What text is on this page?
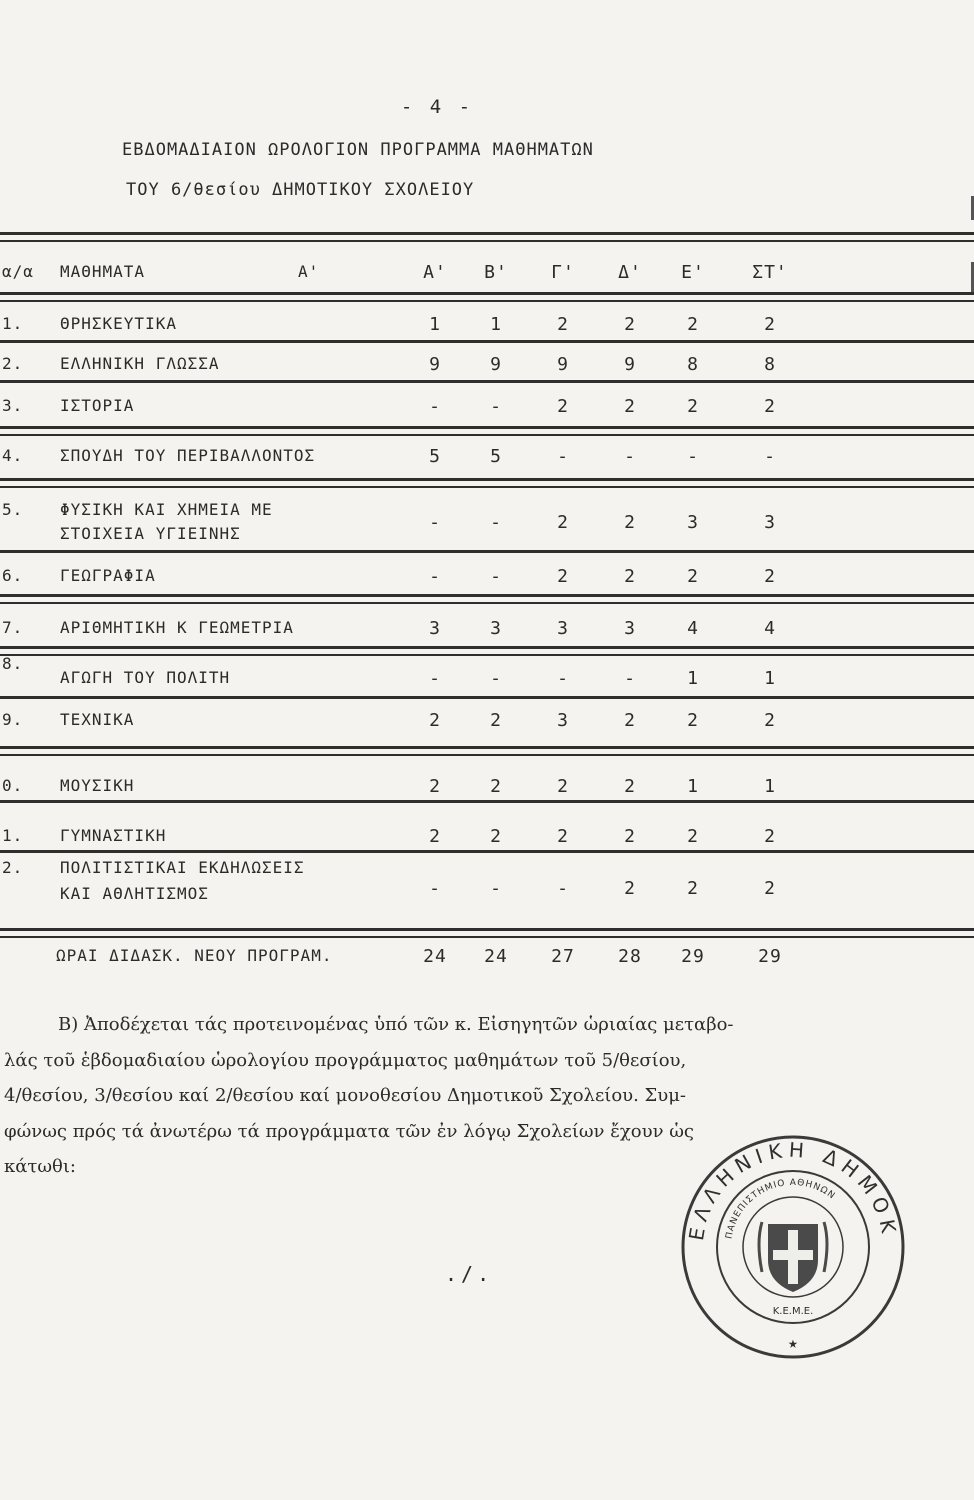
- 4 -
ΕΒΔΟΜΑΔΙΑΙΟΝ ΩΡΟΛΟΓΙΟΝ ΠΡΟΓΡΑΜΜΑ ΜΑΘΗΜΑΤΩΝ
ΤΟΥ 6/θεσίου ΔΗΜΟΤΙΚΟΥ ΣΧΟΛΕΙΟΥ
α/α ΜΑΘΗΜΑΤΑ	Α'	Α'	Β'	Γ'	Δ'	Ε'	ΣΤ'
1. ΘΡΗΣΚΕΥΤΙΚΑ	1	1	2	2	2	2
2. ΕΛΛΗΝΙΚΗ ΓΛΩΣΣΑ	9	9	9	9	8	8
3. ΙΣΤΟΡΙΑ	-	-	2	2	2	2
4. ΣΠΟΥΔΗ ΤΟΥ ΠΕΡΙΒΑΛΛΟΝΤΟΣ	5	5	-	-	-	-
5. ΦΥΣΙΚΗ ΚΑΙ ΧΗΜΕΙΑ ΜΕ
ΣΤΟΙΧΕΙΑ ΥΓΙΕΙΝΗΣ
-	-	2	2	3	3
6. ΓΕΩΓΡΑΦΙΑ	-	-	2	2	2	2
7. ΑΡΙΘΜΗΤΙΚΗ Κ ΓΕΩΜΕΤΡΙΑ	3	3	3	3	4	4
8.
ΑΓΩΓΗ ΤΟΥ ΠΟΛΙΤΗ	-	-	-	-	1	1
9. ΤΕΧΝΙΚΑ	2	2	3	2	2	2
0. ΜΟΥΣΙΚΗ	2	2	2	2	1	1
1. ΓΥΜΝΑΣΤΙΚΗ	2	2	2	2	2	2
2. ΠΟΛΙΤΙΣΤΙΚΑΙ ΕΚΔΗΛΩΣΕΙΣ
ΚΑΙ ΑΘΛΗΤΙΣΜΟΣ	-	-	-	2	2	2
ΩΡΑΙ ΔΙΔΑΣΚ. ΝΕΟΥ ΠΡΟΓΡΑΜ.	24	24	27	28	29	29

Β) Ἀποδέχεται τάς προτεινομένας ὑπό τῶν κ. Εἰσηγητῶν ὡριαίας μεταβο-

λάς τοῦ ἑβδομαδιαίου ὡρολογίου προγράμματος μαθημάτων τοῦ 5/θεσίου,

4/θεσίου, 3/θεσίου καί 2/θεσίου καί μονοθεσίου Δημοτικοῦ Σχολείου. Συμ-

φώνως πρός τά ἀνωτέρω τά προγράμματα τῶν ἐν λόγῳ Σχολείων ἔχουν ὡς

κάτωθι:

./.
ΕΛΛΗΝΙΚΗ ΔΗΜΟΚ
ΠΑΝΕΠΙΣΤΗΜΙΟ ΑΘΗΝΩΝ
Κ.Ε.Μ.Ε.
★
